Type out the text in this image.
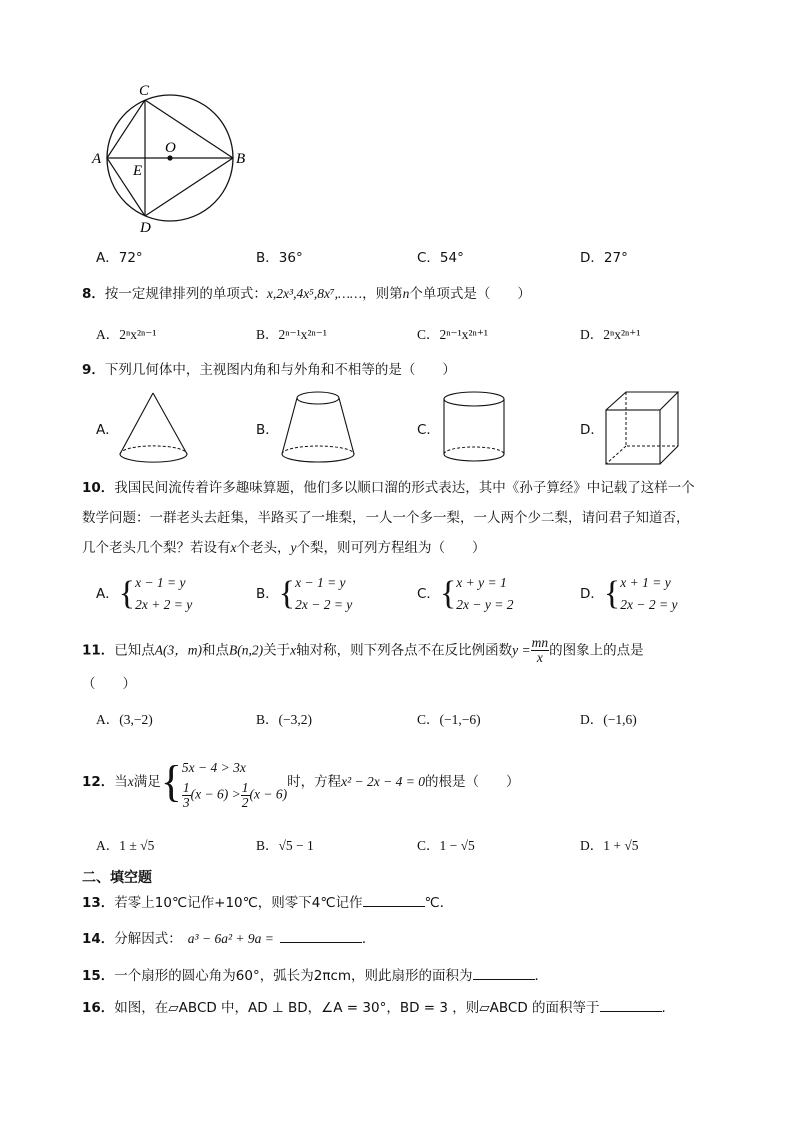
C
O
A	B
E
D
A．72°	B．36°	C．54°	D．27°
8．按一定规律排列的单项式：x,2x³,4x⁵,8x⁷,……，则第n个单项式是（　　）
A．2ⁿx²ⁿ⁻¹	B．2ⁿ⁻¹x²ⁿ⁻¹	C．2ⁿ⁻¹x²ⁿ⁺¹	D．2ⁿx²ⁿ⁺¹
9．下列几何体中，主视图内角和与外角和不相等的是（　　）
A．	B．	C．	D．
10．我国民间流传着许多趣味算题，他们多以顺口溜的形式表达，其中《孙子算经》中记载了这样一个
数学问题：一群老头去赶集，半路买了一堆梨，一人一个多一梨，一人两个少二梨，请问君子知道否，
几个老头几个梨？若设有x个老头，y个梨，则可列方程组为（　　）
A．{ x − 1 = y
2x + 2 = y
B．{ x − 1 = y
2x − 2 = y
C．{ x + y = 1
2x − y = 2
D．{ x + 1 = y
2x − 2 = y
11．已知点A(3，m)和点B(n,2)关于x轴对称，则下列各点不在反比例函数$y = \frac{mn}{x}$ 的图象上的点是
（　　）
A．(3,−2)	B．(−3,2)	C．(−1,−6)	D．(−1,6)
12．当x满足{ 5x − 4 > 3x
$\frac{1}{3} (x - 6) > \frac{1}{2} (x - 6)$
时，方程x² − 2x − 4 = 0的根是（　　）
A．1 ± √5	B．√5 − 1	C．1 − √5	D．1 + √5
二、填空题
13．若零上10℃记作+10℃，则零下4℃记作	℃．
14．分解因式： a³ − 6a² + 9a =	．
15．一个扇形的圆心角为60°，弧长为2πcm，则此扇形的面积为	．
16．如图，在▱ABCD 中，AD ⊥ BD，∠A = 30°，BD = 3 ，则▱ABCD 的面积等于	．
